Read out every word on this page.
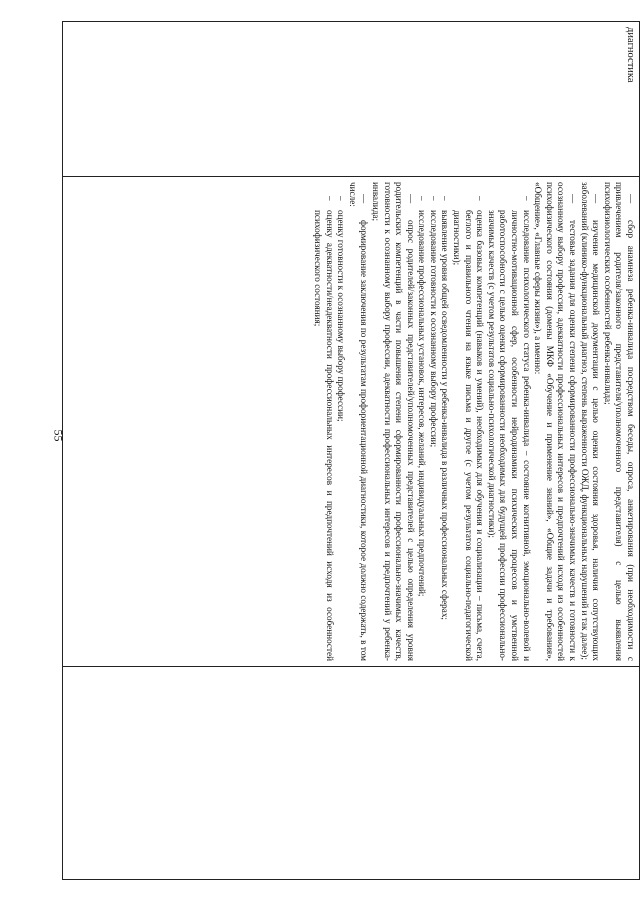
55
диагностика	

—сбор анамнеза ребенка-инвалида посредством беседы, опроса, анкетирования (при необходимости с привлечением родителя/законного представителя/уполномоченного представителя) с целью выявления психофизиологических особенностей ребенка-инвалида;

—изучение медицинской документации с целью оценки состояния здоровья, наличия сопутствующих заболеваний (клинико-функциональный диагноз, степень выраженности ОЖД, функциональных нарушений и так далее);

—тестовые задания для оценки степени сформированности профессионально-значимых качеств и готовности к осознанному выбору профессии, адекватности профессиональных интересов и предпочтений исходя из особенностей психофизического состояния (домены МКФ «Обучение и применение знаний», «Общие задачи и требования», «Общение», «Главные сферы жизни»), а именно:

– исследование психологического статуса ребенка-инвалида – состояние когнитивной, эмоционально-волевой и личностно-мотивационной сфер, особенности нейродинамики психических процессов и умственной работоспособности с целью оценки сформированности необходимых для будущей профессии профессионально-значимых качеств (с учетом результатов социально-психологической диагностики);
– оценка базовых компетенций (навыков и умений), необходимых для обучения и социализации – письма, счета, беглого и правильного чтения на языке письма и другое (с учетом результатов социально-педагогической диагностики);
– выявление уровня общей осведомленности у ребенка-инвалида в различных профессиональных сферах;
– исследование готовности к осознанному выбору профессии;
– исследование профессиональных установок, интересов, желаний, индивидуальных предпочтений;

—опрос родителей/законных представителей/уполномоченных представителей с целью определения уровня родительских компетенций в части повышения степени сформированности профессионально-значимых качеств, готовности к осознанному выбору профессии, адекватности профессиональных интересов и предпочтений у ребенка-инвалида;

—формирование заключения по результатам профориентационной диагностики, которое должно содержать, в том числе:

– оценку готовности к осознанному выбору профессии;
– оценку адекватности/неадекватности профессиональных интересов и предпочтений исходя из особенностей психофизического состояния;
